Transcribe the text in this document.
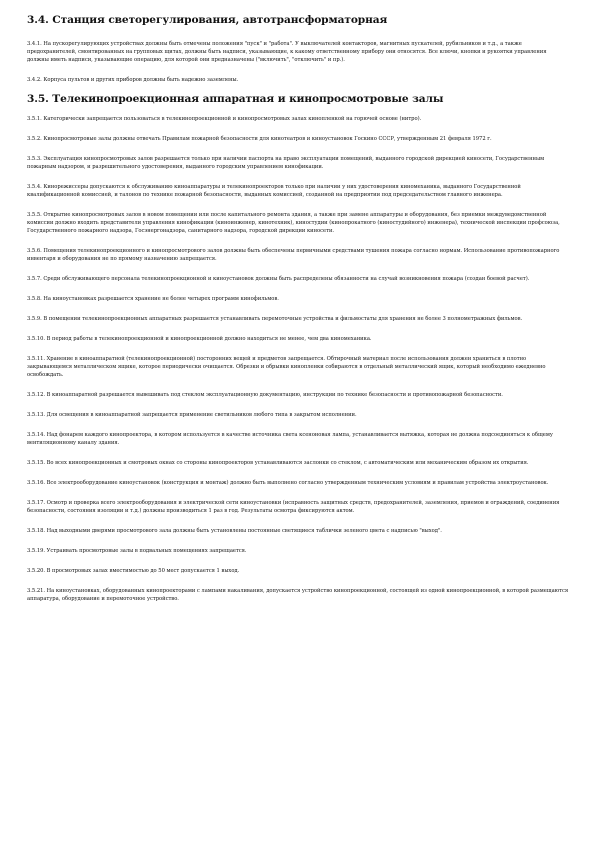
3.4. Станция светорегулирования, автотрансформаторная

3.4.1. На пускорегулирующих устройствах должны быть отмечены положения "пуск" и "работа". У выключателей контакторов, магнитных пускателей, рубильников и т.д., а также предохранителей, смонтированных на групповых щитах, должны быть надписи, указывающие, к какому ответственному прибору они относятся. Все ключи, кнопки и рукоятки управления должны иметь надписи, указывающие операцию, для которой они предназначены ("включить", "отключить" и пр.).

3.4.2. Корпуса пультов и других приборов должны быть надежно заземлены.

3.5. Телекинопроекционная аппаратная и кинопросмотровые залы

3.5.1. Категорически запрещается пользоваться в телекинопроекционной и кинопросмотровых залах кинопленкой на горючей основе (нитро).

3.5.2. Кинопросмотровые залы должны отвечать Правилам пожарной безопасности для кинотеатров и киноустановок Госкино СССР, утвержденным 21 февраля 1972 г.

3.5.3. Эксплуатация кинопросмотровых залов разрешается только при наличии паспорта на право эксплуатации помещений, выданного городской дирекцией киносети, Государственным пожарным надзором, и разрешительного удостоверения, выданного городским управлением кинофикации.

3.5.4. Кинорежиссеры допускаются к обслуживанию киноаппаратуры и телекинопроекторов только при наличии у них удостоверения киномеханика, выданного Государственной квалификационной комиссией, и талонов по технике пожарной безопасности, выданных комиссией, созданной на предприятии под председательством главного инженера.

3.5.5. Открытие кинопросмотровых залов в новом помещении или после капитального ремонта здания, а также при замене аппаратуры и оборудования, без приемки междуведомственной комиссии должно входить представители управления кинофикации (киноинженер, кинотехник), киностудии (кинопрокатного (киностудийного) инженера), технической инспекции профсоюза, Государственного пожарного надзора, Госэнергонадзора, санитарного надзора, городской дирекции киносети.

3.5.6. Помещения телекинопроекционного и кинопросмотрового залов должны быть обеспечены первичными средствами тушения пожара согласно нормам. Использование противопожарного инвентаря и оборудования не по прямому назначению запрещается.

3.5.7. Среди обслуживающего персонала телекинопроекционной и киноустановок должны быть распределены обязанности на случай возникновения пожара (создан боевой расчет).

3.5.8. На киноустановках разрешается хранение не более четырех программ кинофильмов.

3.5.9. В помещении телекинопроекционных аппаратных разрешается устанавливать перемоточные устройства и фильмостаты для хранения не более 3 полнометражных фильмов.

3.5.10. В период работы в телекинопроекционной и кинопроекционной должно находиться не менее, чем два киномеханика.

3.5.11. Хранение в киноаппаратной (телекинопроекционной) посторонних вещей и предметов запрещается. Обтирочный материал после использования должен храниться в плотно закрывающемся металлическом ящике, которое периодически очищается. Обрезки и обрывки кинопленки собираются в отдельный металлический ящик, который необходимо ежедневно освобождать.

3.5.12. В киноаппаратной разрешается вывешивать под стеклом эксплуатационную документацию, инструкции по технике безопасности и противопожарной безопасности.

3.5.13. Для освещения в киноаппаратной запрещается применение светильников любого типа в закрытом исполнении.

3.5.14. Над фонарем каждого кинопроектора, в котором используется в качестве источника света ксеноновая лампа, устанавливается вытяжка, которая не должна подсоединяться к общему вентиляционному каналу здания.

3.5.15. Во всех кинопроекционных и смотровых окнах со стороны кинопроекторов устанавливаются заслонки со стеклом, с автоматическим или механическим образом их открытия.

3.5.16. Все электрооборудование киноустановок (конструкция и монтаж) должно быть выполнено согласно утвержденным техническим условиям и правилам устройства электроустановок.

3.5.17. Осмотр и проверка всего электрооборудования и электрической сети киноустановки (исправность защитных средств, предохранителей, заземления, приемов и ограждений, соединения безопасности, состояния изоляции и т.д.) должны производиться 1 раз в год. Результаты осмотра фиксируются актом.

3.5.18. Над выходными дверями просмотрового зала должны быть установлены постоянные светящиеся таблички зеленого цвета с надписью "выход".

3.5.19. Устраивать просмотровые залы в подвальных помещениях запрещается.

3.5.20. В просмотровых залах вместимостью до 50 мест допускается 1 выход.

3.5.21. На киноустановках, оборудованных кинопроекторами с лампами накаливания, допускается устройство кинопроекционной, состоящей из одной кинопроекционной, в которой размещаются аппаратура, оборудование и перемоточное устройство.
